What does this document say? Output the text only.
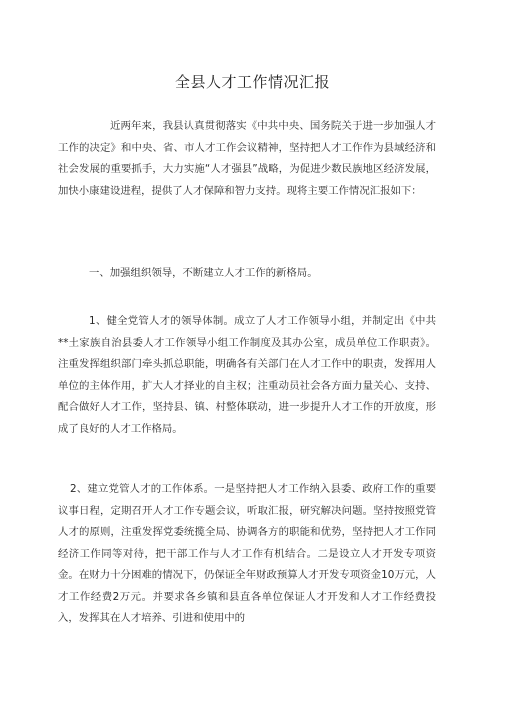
全县人才工作情况汇报

近两年来，我县认真贯彻落实《中共中央、国务院关于进一步加强人才工作的决定》和中央、省、市人才工作会议精神，坚持把人才工作作为县域经济和社会发展的重要抓手，大力实施“人才强县”战略，为促进少数民族地区经济发展，加快小康建设进程，提供了人才保障和智力支持。现将主要工作情况汇报如下：

一、加强组织领导，不断建立人才工作的新格局。

1、健全党管人才的领导体制。成立了人才工作领导小组，并制定出《中共**土家族自治县委人才工作领导小组工作制度及其办公室，成员单位工作职责》。注重发挥组织部门牵头抓总职能，明确各有关部门在人才工作中的职责，发挥用人单位的主体作用，扩大人才择业的自主权；注重动员社会各方面力量关心、支持、配合做好人才工作，坚持县、镇、村整体联动，进一步提升人才工作的开放度，形成了良好的人才工作格局。

2、建立党管人才的工作体系。一是坚持把人才工作纳入县委、政府工作的重要议事日程，定期召开人才工作专题会议，听取汇报，研究解决问题。坚持按照党管人才的原则，注重发挥党委统揽全局、协调各方的职能和优势，坚持把人才工作同经济工作同等对待，把干部工作与人才工作有机结合。二是设立人才开发专项资金。在财力十分困难的情况下，仍保证全年财政预算人才开发专项资金10万元，人才工作经费2万元。并要求各乡镇和县直各单位保证人才开发和人才工作经费投入，发挥其在人才培养、引进和使用中的
